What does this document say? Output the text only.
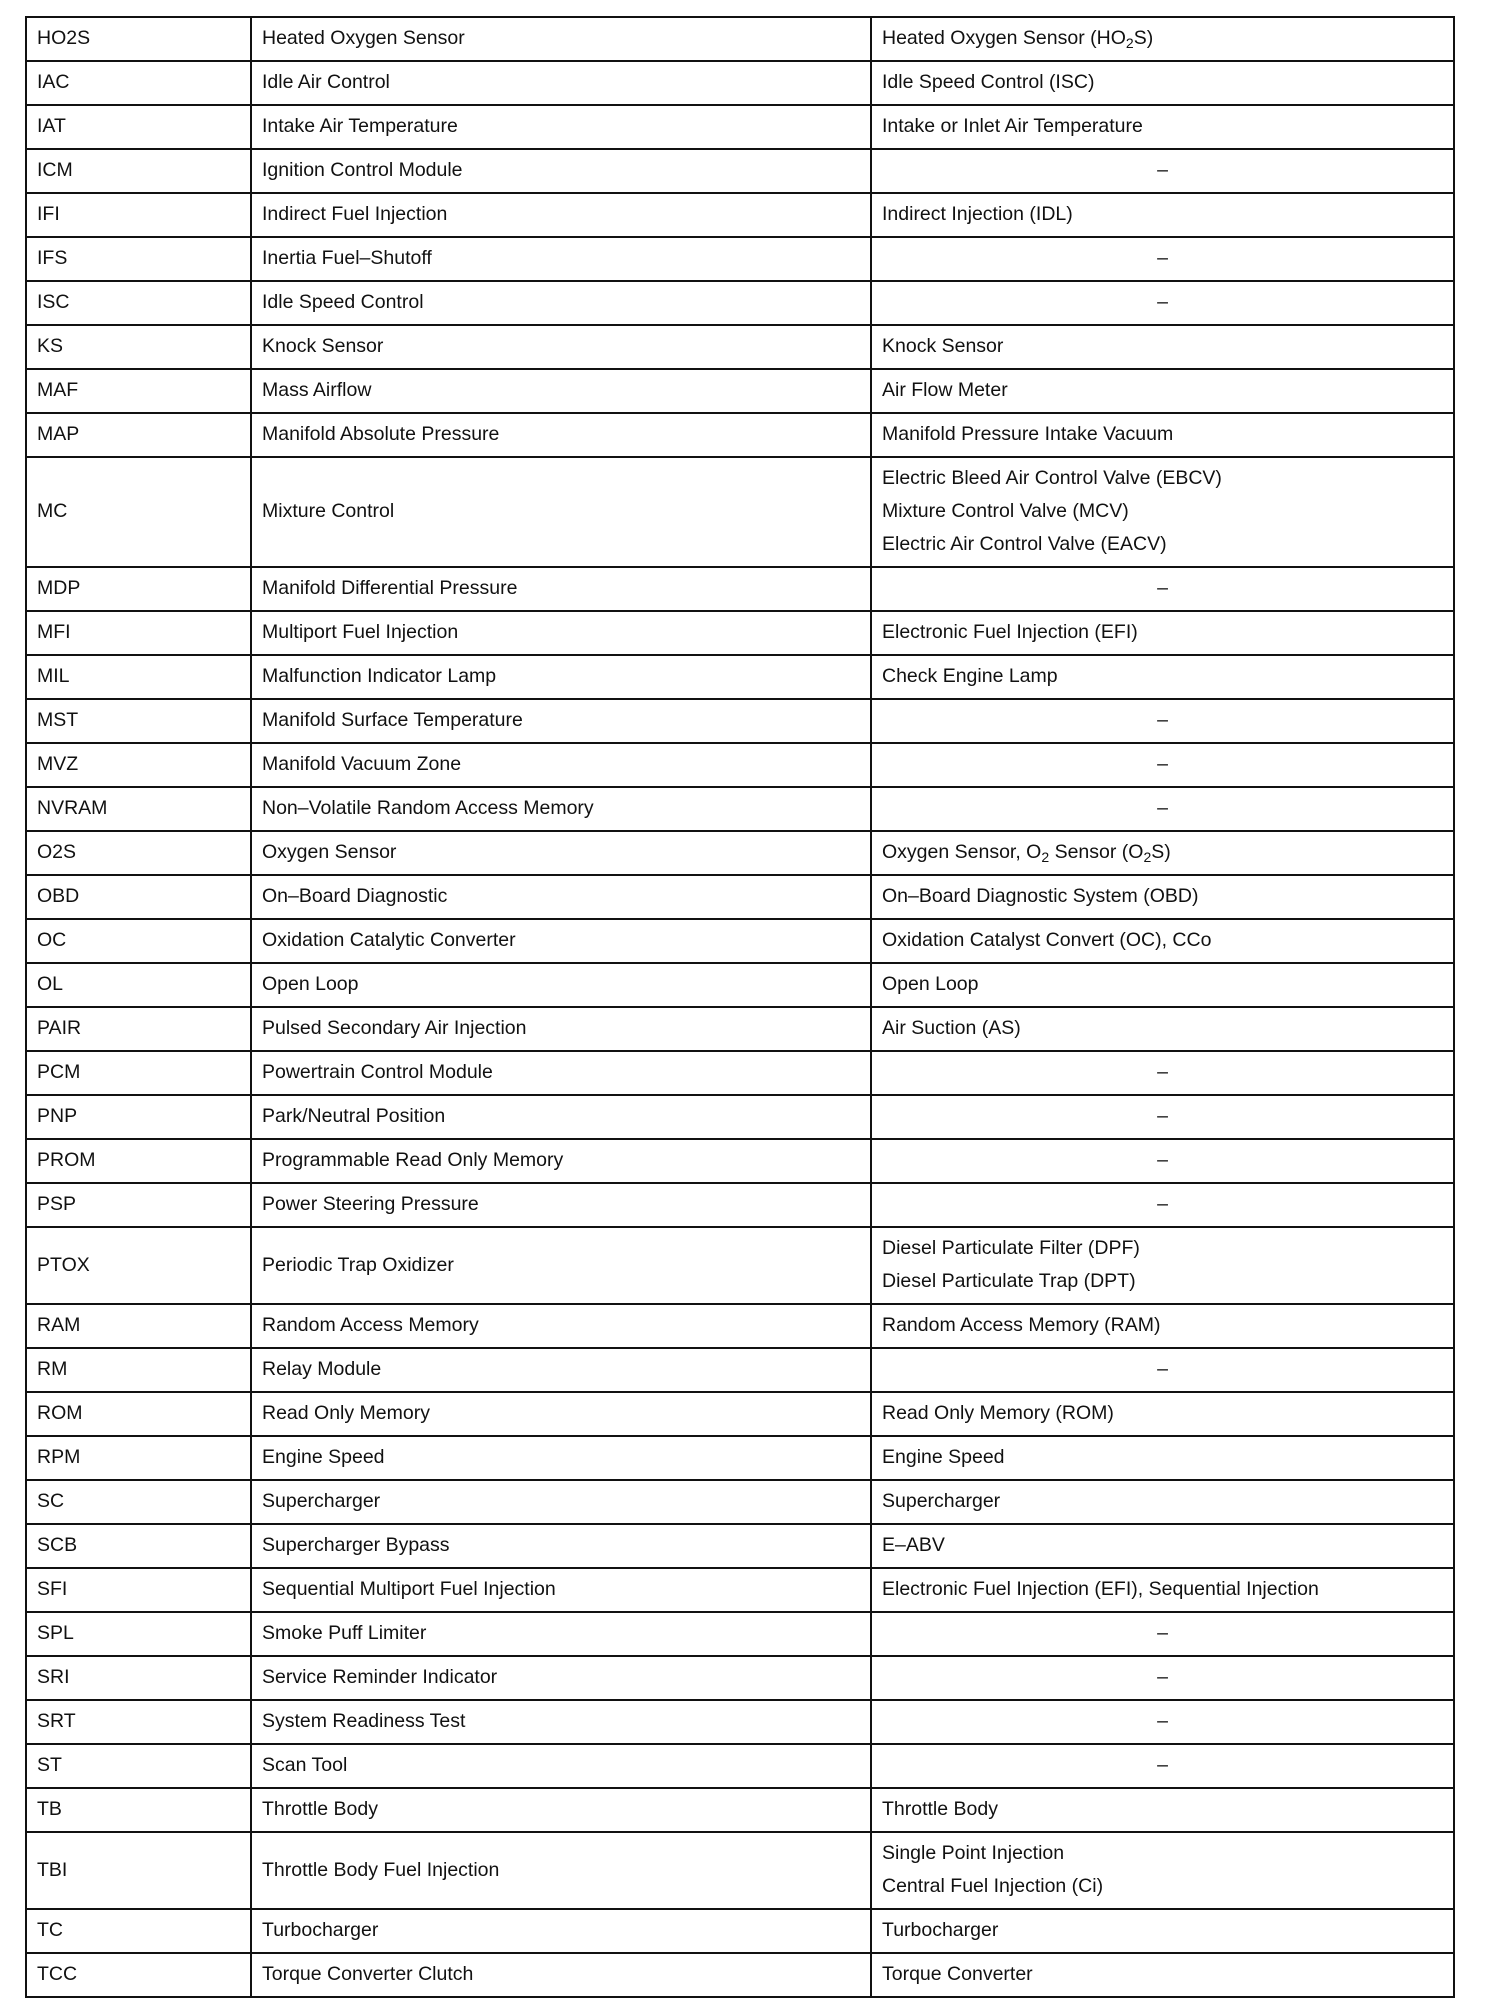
HO2S	Heated Oxygen Sensor	Heated Oxygen Sensor $(HO_2S)$

IAC	Idle Air Control	Idle Speed Control (ISC)

IAT	Intake Air Temperature	Intake or Inlet Air Temperature

ICM	Ignition Control Module	–

IFI	Indirect Fuel Injection	Indirect Injection (IDL)

IFS	Inertia Fuel–Shutoff	–

ISC	Idle Speed Control	–

KS	Knock Sensor	Knock Sensor

MAF	Mass Airflow	Air Flow Meter

MAP	Manifold Absolute Pressure	Manifold Pressure Intake Vacuum

MC	Mixture Control	Electric Bleed Air Control Valve (EBCV)
Mixture Control Valve (MCV)
Electric Air Control Valve (EACV)

MDP	Manifold Differential Pressure	–

MFI	Multiport Fuel Injection	Electronic Fuel Injection (EFI)

MIL	Malfunction Indicator Lamp	Check Engine Lamp

MST	Manifold Surface Temperature	–

MVZ	Manifold Vacuum Zone	–

NVRAM	Non–Volatile Random Access Memory	–

O2S	Oxygen Sensor	Oxygen Sensor, $O_2$ Sensor $(O_2S)$

OBD	On–Board Diagnostic	On–Board Diagnostic System (OBD)

OC	Oxidation Catalytic Converter	Oxidation Catalyst Convert (OC), CCo

OL	Open Loop	Open Loop

PAIR	Pulsed Secondary Air Injection	Air Suction (AS)

PCM	Powertrain Control Module	–

PNP	Park/Neutral Position	–

PROM	Programmable Read Only Memory	–

PSP	Power Steering Pressure	–

PTOX	Periodic Trap Oxidizer	Diesel Particulate Filter (DPF)
Diesel Particulate Trap (DPT)

RAM	Random Access Memory	Random Access Memory (RAM)

RM	Relay Module	–

ROM	Read Only Memory	Read Only Memory (ROM)

RPM	Engine Speed	Engine Speed

SC	Supercharger	Supercharger

SCB	Supercharger Bypass	E–ABV

SFI	Sequential Multiport Fuel Injection	Electronic Fuel Injection (EFI), Sequential Injection

SPL	Smoke Puff Limiter	–

SRI	Service Reminder Indicator	–

SRT	System Readiness Test	–

ST	Scan Tool	–

TB	Throttle Body	Throttle Body

TBI	Throttle Body Fuel Injection	Single Point Injection
Central Fuel Injection (Ci)

TC	Turbocharger	Turbocharger

TCC	Torque Converter Clutch	Torque Converter
